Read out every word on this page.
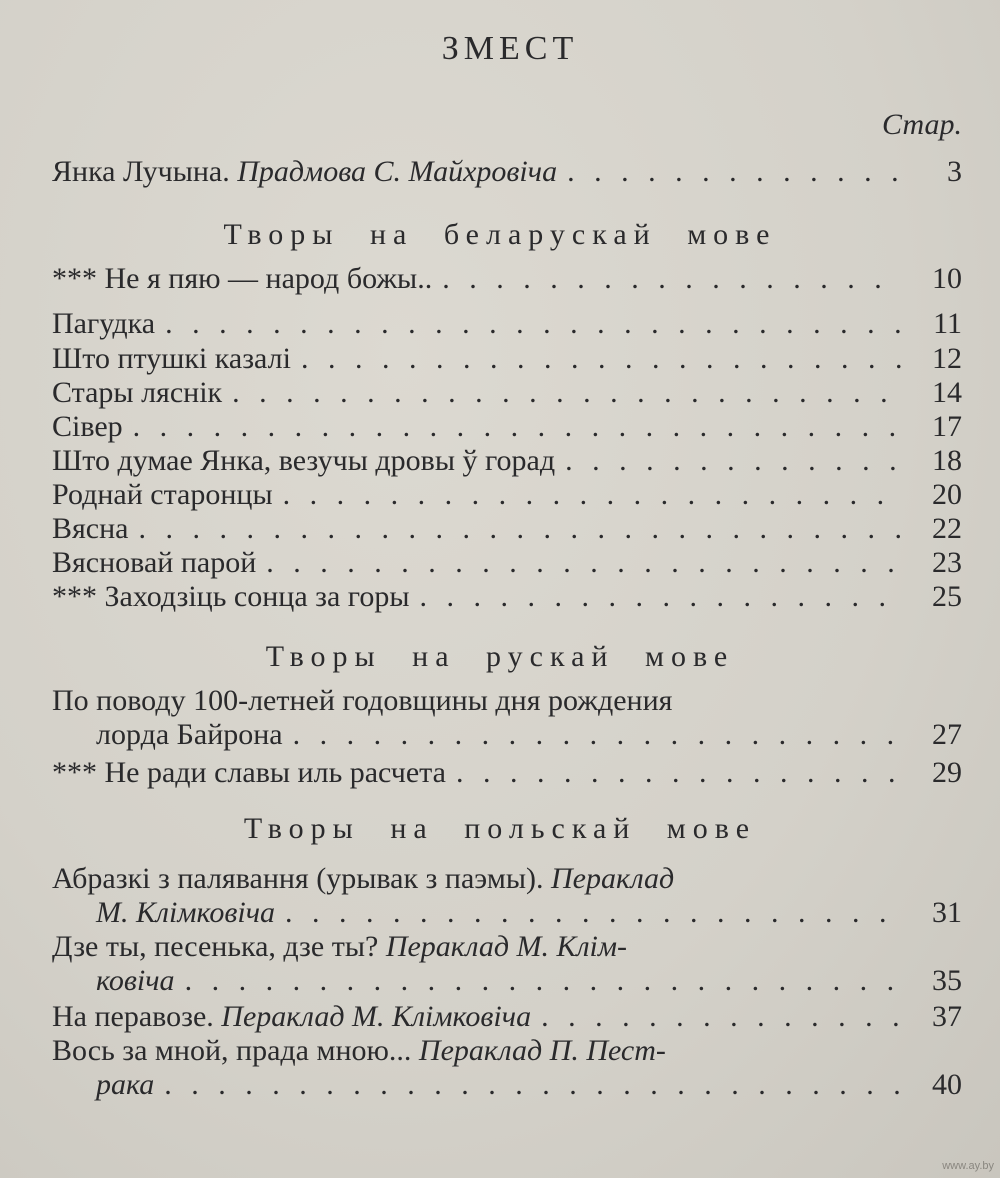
ЗМЕСТ
Стар.
Янка Лучына.
Прадмова С. Майхровіча . . .	3
Творы на беларускай мове
*** Не я пяю — народ божы.. . . .	10
Пагудка . . .	11
Што птушкі казалі . . .	12
Стары ляснік . . .	14
Сівер . . .	17
Што думае Янка, везучы дровы ў горад . . .	18
Роднай старонцы . . .	20
Вясна . . .	22
Вясновай парой . . .	23
*** Заходзіць сонца за горы . . .	25
Творы на рускай мове
По поводу 100-летней годовщины дня рождения
лорда Байрона . . .	27
*** Не ради славы иль расчета . . .	29
Творы на польскай мове
Абразкі з палявання (урывак з паэмы).
Пераклад
М. Клімковіча . . .	31
Дзе ты, песенька, дзе ты?
Пераклад М. Клім-
ковіча . . .	35
На перавозе.
Пераклад М. Клімковіча . . .	37
Вось за мной, прада мною...
Пераклад П. Пест-
рака . . .	40
www.ay.by
